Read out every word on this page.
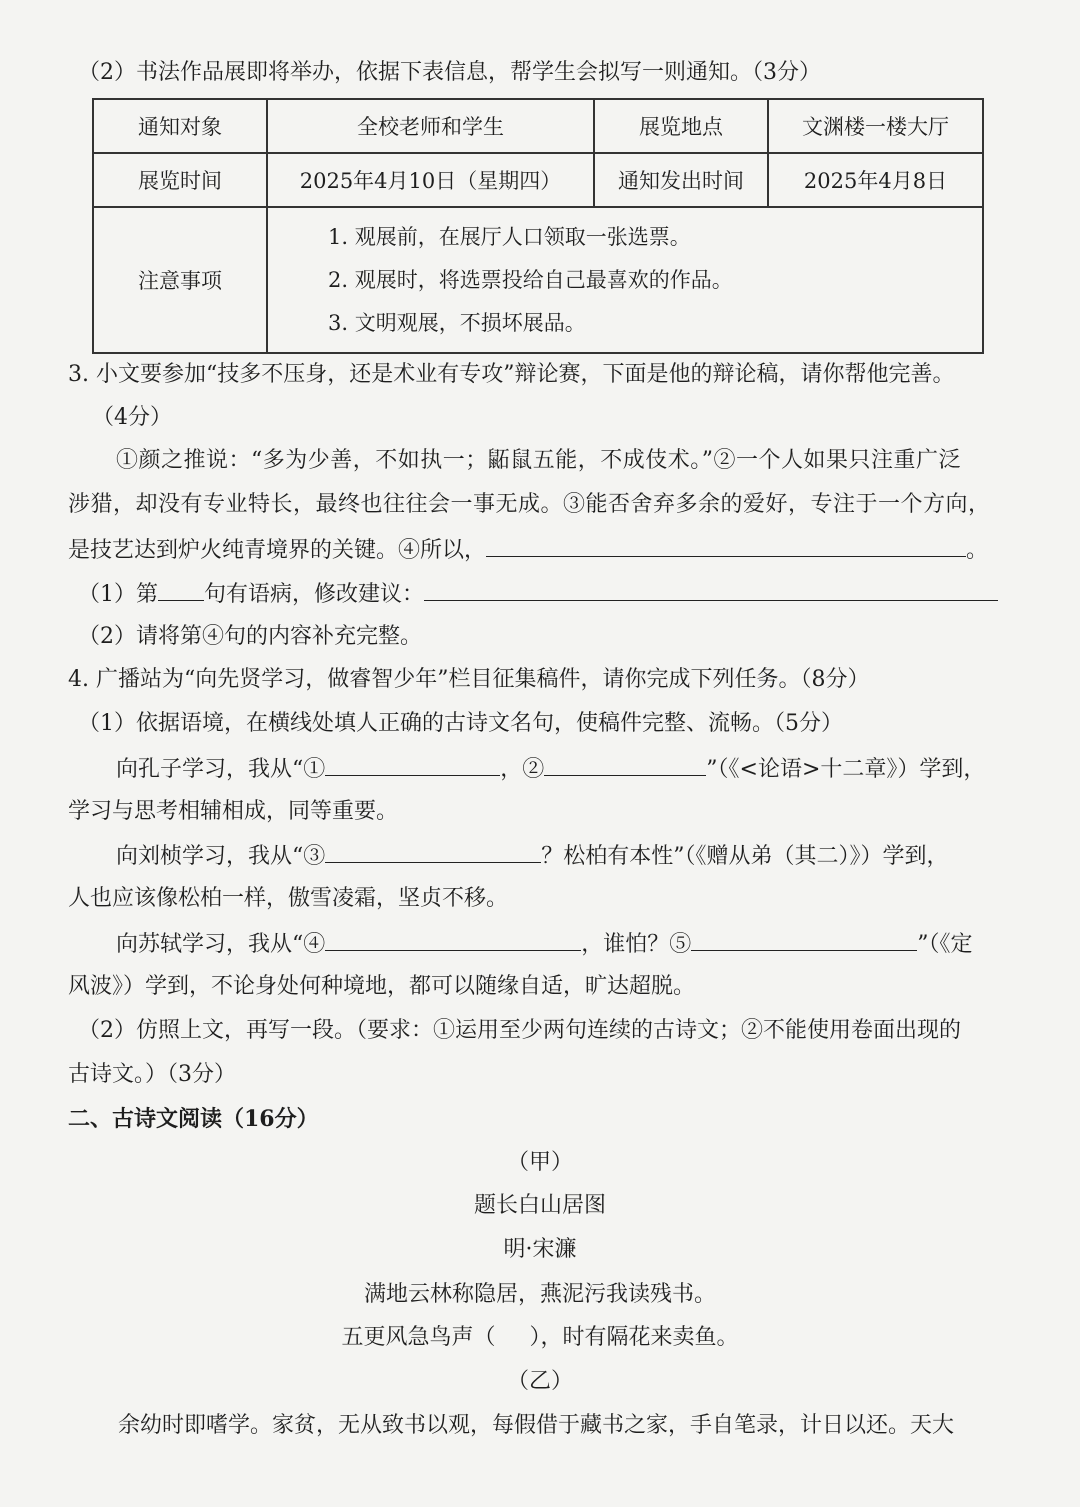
（2）书法作品展即将举办，依据下表信息，帮学生会拟写一则通知。（3分）
通知对象	全校老师和学生	展览地点	文渊楼一楼大厅
展览时间	2025年4月10日（星期四）	通知发出时间	2025年4月8日
注意事项	1. 观展前，在展厅人口领取一张选票。
2. 观展时，将选票投给自己最喜欢的作品。
3. 文明观展，不损坏展品。		
3. 小文要参加“技多不压身，还是术业有专攻”辩论赛，下面是他的辩论稿，请你帮他完善。
（4分）
①颜之推说：“多为少善，不如执一；鼫鼠五能，不成伎术。”②一个人如果只注重广泛
涉猎，却没有专业特长，最终也往往会一事无成。③能否舍弃多余的爱好，专注于一个方向，
是技艺达到炉火纯青境界的关键。④所以，	。
（1）第 句有语病，修改建议：
（2）请将第④句的内容补充完整。
4. 广播站为“向先贤学习，做睿智少年”栏目征集稿件，请你完成下列任务。（8分）
（1）依据语境，在横线处填人正确的古诗文名句，使稿件完整、流畅。（5分）
向孔子学习，我从“①	，②	”（《<论语>十二章》）学到，
学习与思考相辅相成，同等重要。
向刘桢学习，我从“③	？松柏有本性”（《赠从弟（其二）》）学到，
人也应该像松柏一样，傲雪凌霜，坚贞不移。
向苏轼学习，我从“④	，谁怕？⑤	”（《定
风波》）学到，不论身处何种境地，都可以随缘自适，旷达超脱。
（2）仿照上文，再写一段。（要求：①运用至少两句连续的古诗文；②不能使用卷面出现的
古诗文。）（3分）
二、古诗文阅读（16分）
（甲）
题长白山居图
明·宋濂
满地云林称隐居，燕泥污我读残书。
五更风急鸟声（ ），时有隔花来卖鱼。
（乙）
余幼时即嗜学。家贫，无从致书以观，每假借于藏书之家，手自笔录，计日以还。天大
